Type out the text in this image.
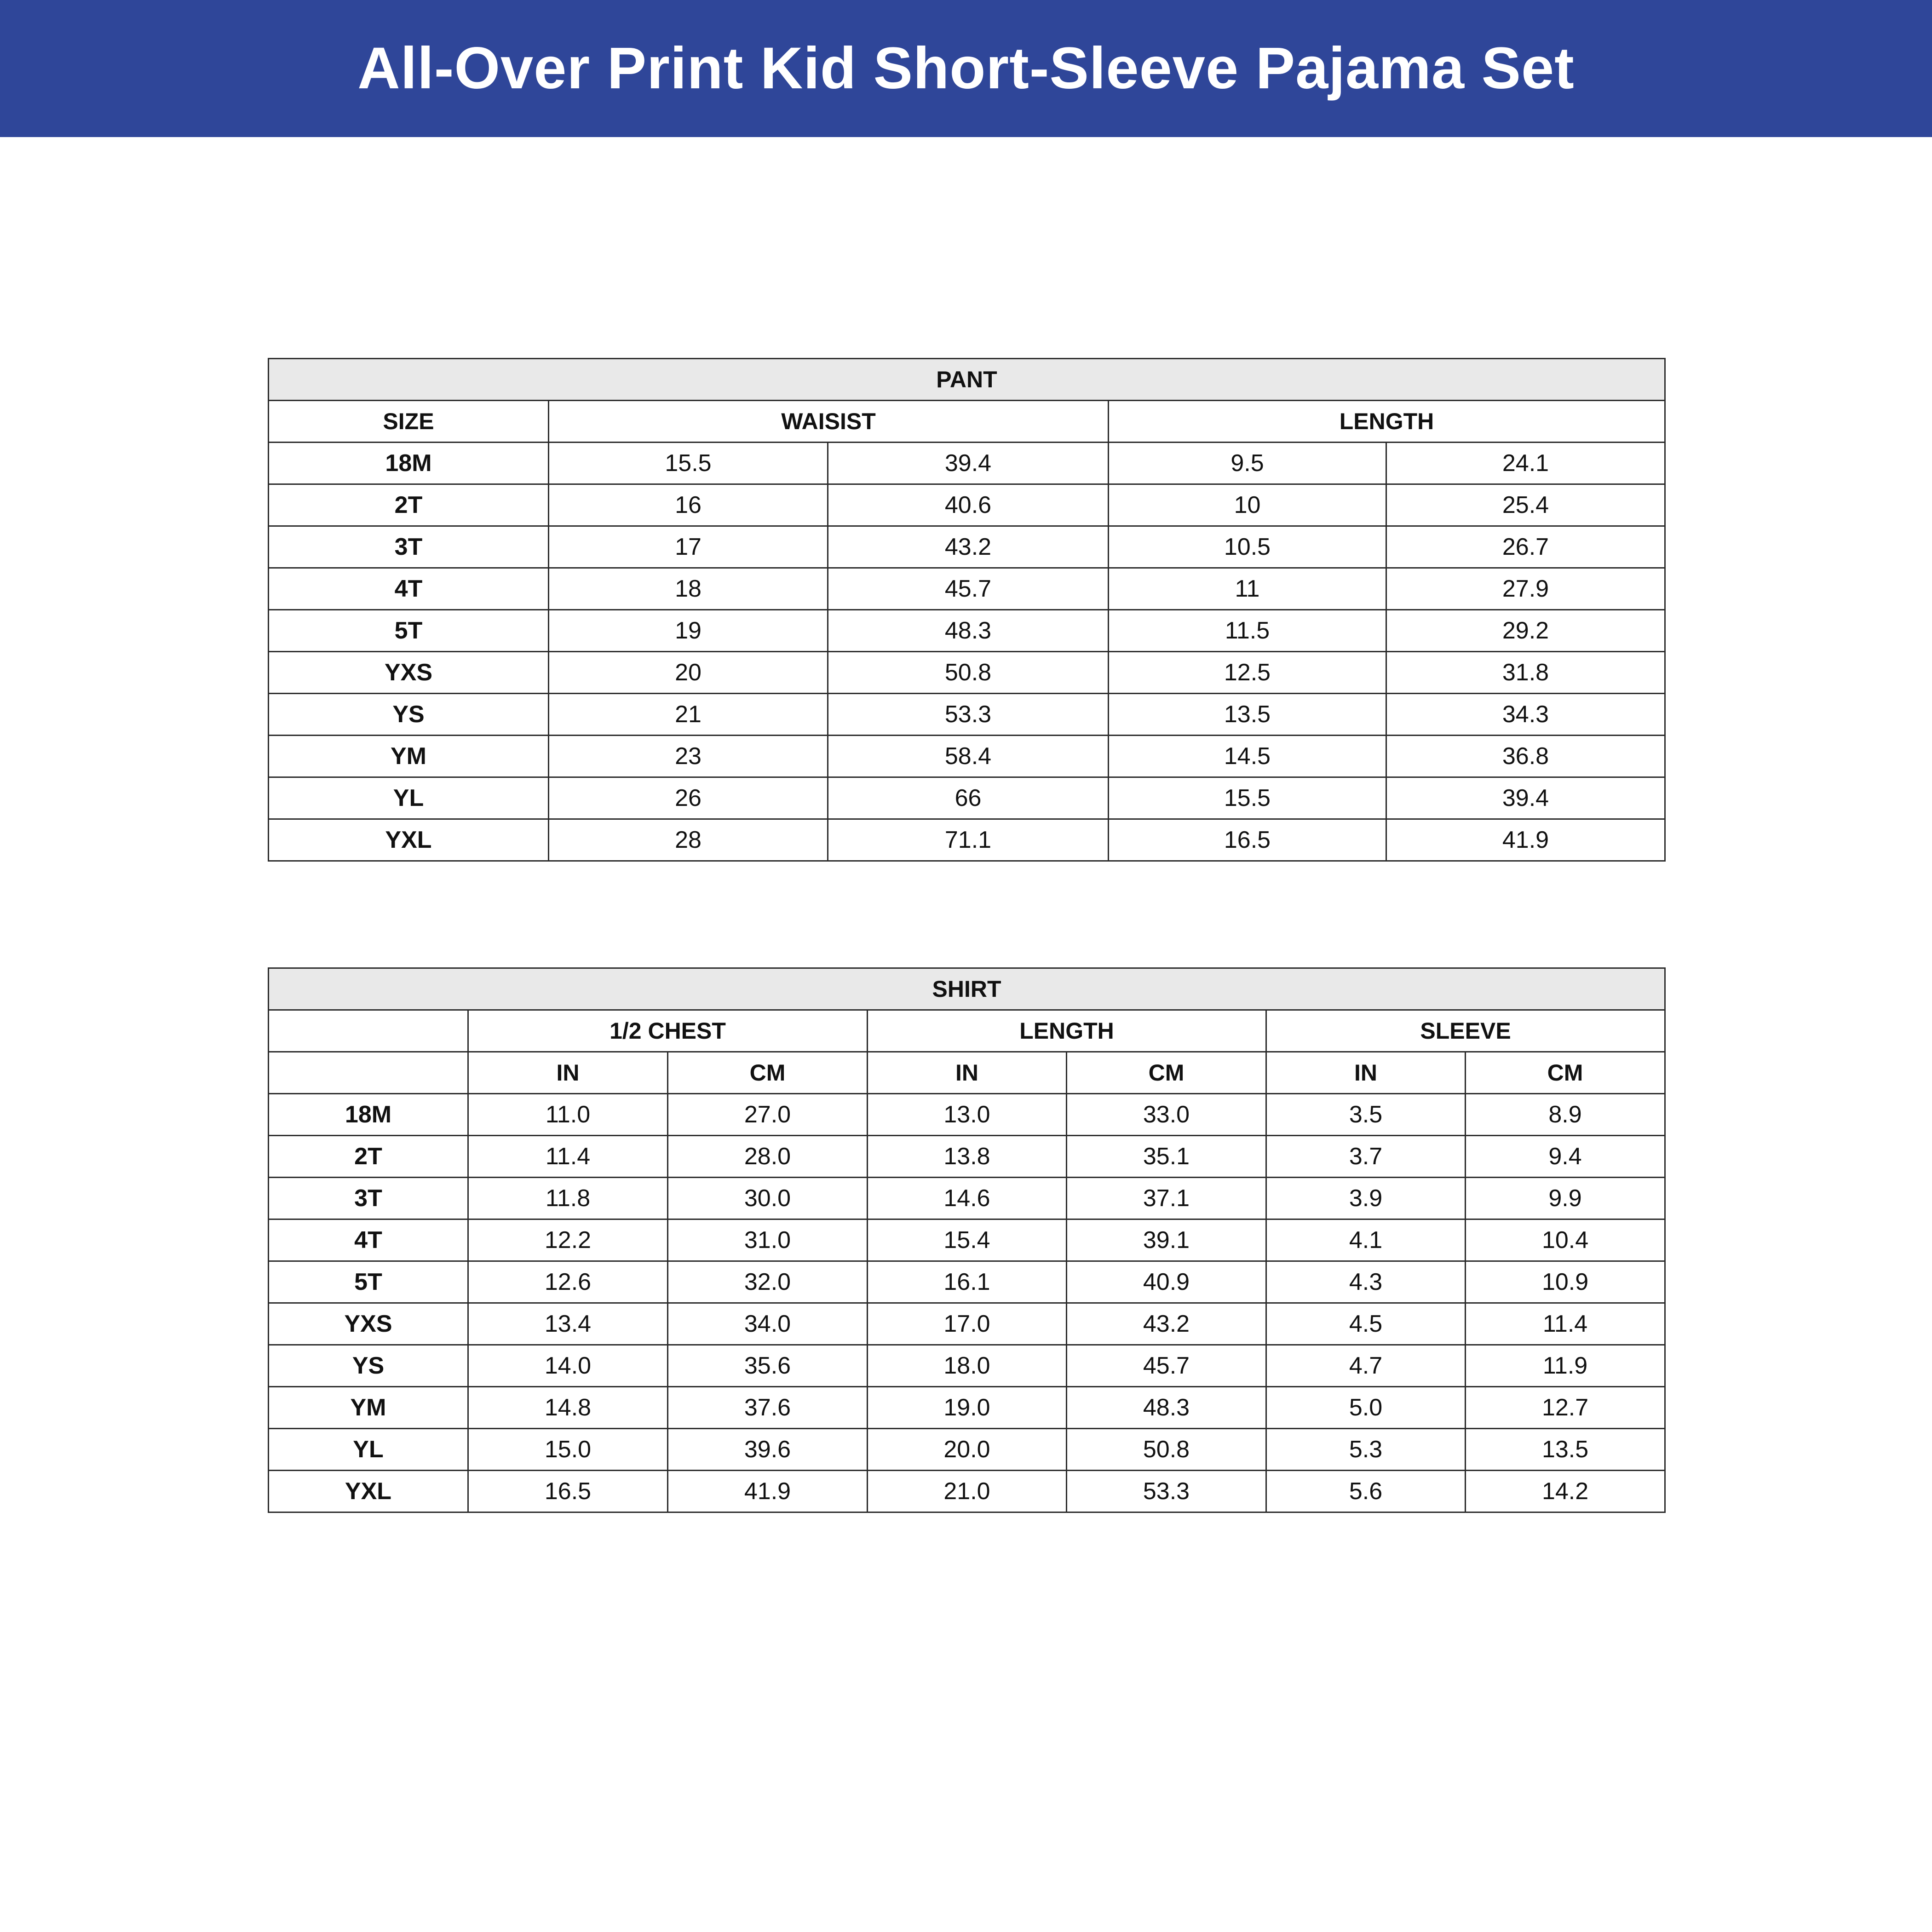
All-Over Print Kid Short-Sleeve Pajama Set
PANT				
SIZE	WAISIST		LENGTH	
18M	15.5	39.4	9.5	24.1
2T	16	40.6	10	25.4
3T	17	43.2	10.5	26.7
4T	18	45.7	11	27.9
5T	19	48.3	11.5	29.2
YXS	20	50.8	12.5	31.8
YS	21	53.3	13.5	34.3
YM	23	58.4	14.5	36.8
YL	26	66	15.5	39.4
YXL	28	71.1	16.5	41.9
SHIRT						
	1/2 CHEST		LENGTH		SLEEVE	
	IN	CM	IN	CM	IN	CM
18M	11.0	27.0	13.0	33.0	3.5	8.9
2T	11.4	28.0	13.8	35.1	3.7	9.4
3T	11.8	30.0	14.6	37.1	3.9	9.9
4T	12.2	31.0	15.4	39.1	4.1	10.4
5T	12.6	32.0	16.1	40.9	4.3	10.9
YXS	13.4	34.0	17.0	43.2	4.5	11.4
YS	14.0	35.6	18.0	45.7	4.7	11.9
YM	14.8	37.6	19.0	48.3	5.0	12.7
YL	15.0	39.6	20.0	50.8	5.3	13.5
YXL	16.5	41.9	21.0	53.3	5.6	14.2
